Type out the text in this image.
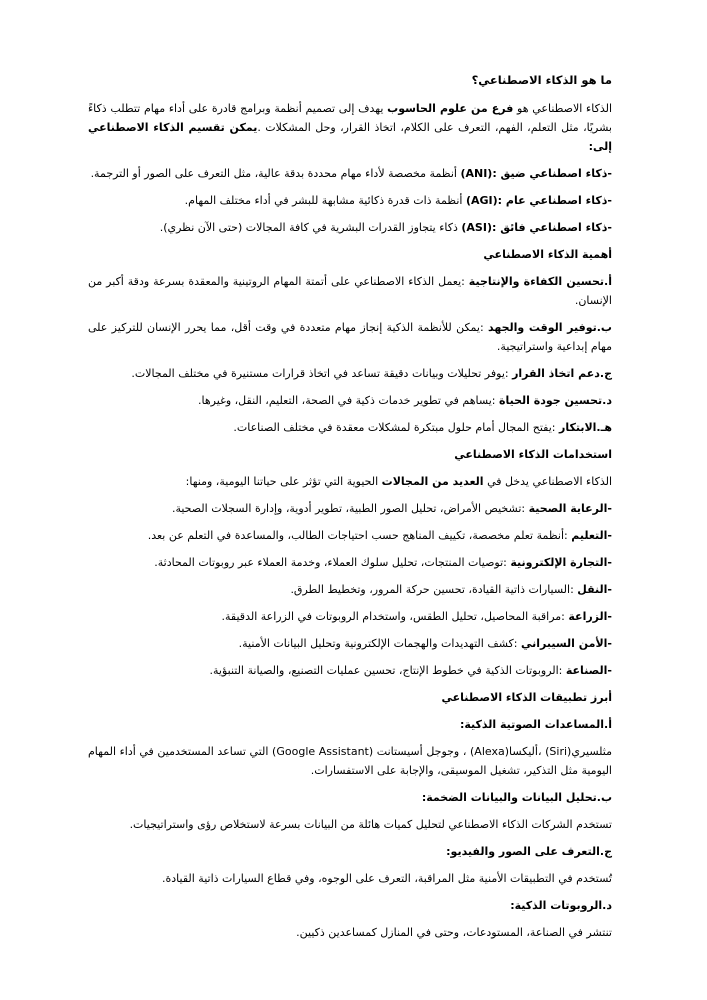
ما هو الذكاء الاصطناعي؟

الذكاء الاصطناعي هو فرع من علوم الحاسوب يهدف إلى تصميم أنظمة وبرامج قادرة على أداء مهام تتطلب ذكاءً بشريًا، مثل التعلم، الفهم، التعرف على الكلام، اتخاذ القرار، وحل المشكلات .يمكن تقسيم الذكاء الاصطناعي إلى:

-ذكاء اصطناعي ضيق :(ANI) أنظمة مخصصة لأداء مهام محددة بدقة عالية، مثل التعرف على الصور أو الترجمة.

-ذكاء اصطناعي عام :(AGI) أنظمة ذات قدرة ذكائية مشابهة للبشر في أداء مختلف المهام.

-ذكاء اصطناعي فائق :(ASI) ذكاء يتجاوز القدرات البشرية في كافة المجالات (حتى الآن نظري).

أهمية الذكاء الاصطناعي

أ.تحسين الكفاءة والإنتاجية :يعمل الذكاء الاصطناعي على أتمتة المهام الروتينية والمعقدة بسرعة ودقة أكبر من الإنسان.

ب.توفير الوقت والجهد :يمكن للأنظمة الذكية إنجاز مهام متعددة في وقت أقل، مما يحرر الإنسان للتركيز على مهام إبداعية واستراتيجية.

ج.دعم اتخاذ القرار :يوفر تحليلات وبيانات دقيقة تساعد في اتخاذ قرارات مستنيرة في مختلف المجالات.

د.تحسين جودة الحياة :يساهم في تطوير خدمات ذكية في الصحة، التعليم، النقل، وغيرها.

هـ.الابتكار :يفتح المجال أمام حلول مبتكرة لمشكلات معقدة في مختلف الصناعات.

استخدامات الذكاء الاصطناعي

الذكاء الاصطناعي يدخل في العديد من المجالات الحيوية التي تؤثر على حياتنا اليومية، ومنها:

-الرعاية الصحية :تشخيص الأمراض، تحليل الصور الطبية، تطوير أدوية، وإدارة السجلات الصحية.

-التعليم :أنظمة تعلم مخصصة، تكييف المناهج حسب احتياجات الطالب، والمساعدة في التعلم عن بعد.

-التجارة الإلكترونية :توصيات المنتجات، تحليل سلوك العملاء، وخدمة العملاء عبر روبوتات المحادثة.

-النقل :السيارات ذاتية القيادة، تحسين حركة المرور، وتخطيط الطرق.

-الزراعة :مراقبة المحاصيل، تحليل الطقس، واستخدام الروبوتات في الزراعة الدقيقة.

-الأمن السيبراني :كشف التهديدات والهجمات الإلكترونية وتحليل البيانات الأمنية.

-الصناعة :الروبوتات الذكية في خطوط الإنتاج، تحسين عمليات التصنيع، والصيانة التنبؤية.

أبرز تطبيقات الذكاء الاصطناعي

أ.المساعدات الصوتية الذكية:

مثلسيري(Siri) ،أليكسا(Alexa) ، وجوجل أسيستانت (Google Assistant) التي تساعد المستخدمين في أداء المهام اليومية مثل التذكير، تشغيل الموسيقى، والإجابة على الاستفسارات.

ب.تحليل البيانات والبيانات الضخمة:

تستخدم الشركات الذكاء الاصطناعي لتحليل كميات هائلة من البيانات بسرعة لاستخلاص رؤى واستراتيجيات.

ج.التعرف على الصور والفيديو:

تُستخدم في التطبيقات الأمنية مثل المراقبة، التعرف على الوجوه، وفي قطاع السيارات ذاتية القيادة.

د.الروبوتات الذكية:

تنتشر في الصناعة، المستودعات، وحتى في المنازل كمساعدين ذكيين.
